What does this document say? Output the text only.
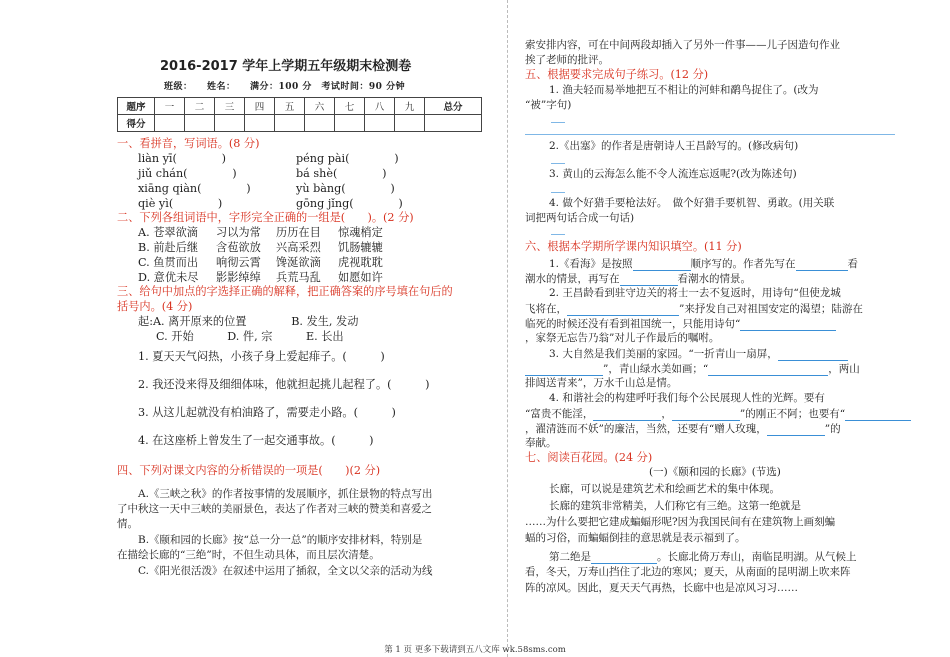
2016-2017 学年上学期五年级期末检测卷
班级：　　姓名：　　满分：100 分　考试时间：90 分钟
题序	一	二	三	四	五	六	七	八	九	总分
得分										
一、看拼音，写词语。(8 分)
liàn yī(　　　　)	péng pài(　　　　)
jiǔ chán(　　　　)	bá shè(　　　　)
xiāng qiàn(　　　　)	yù bàng(　　　　)
qiè yì(　　　　)	gōng jǐng(　　　　)
二、下列各组词语中，字形完全正确的一组是(　　)。(2 分)
A. 苍翠欲滴 习以为常 历历在目 惊魂梢定
B. 前赴后继 含苞欲放 兴高采烈 饥肠辘辘
C. 鱼贯而出 响彻云霄 馋涎欲滴 虎视耽耽
D. 意优未尽 影影绰绰 兵荒马乱 如愿如许
三、给句中加点的字选择正确的解释，把正确答案的序号填在句后的
括号内。(4 分)
起:A. 离开原来的位置　　　　B. 发生, 发动
C. 开始　　　D. 件, 宗　　　E. 长出
1. 夏天天气闷热，小孩子身上爱起痱子。(　　　)
2. 我还没来得及细细体味，他就担起挑儿起程了。(　　　)
3. 从这儿起就没有柏油路了，需要走小路。(　　　)
4. 在这座桥上曾发生了一起交通事故。(　　　)
四、下列对课文内容的分析错误的一项是(　　)(2 分)
A.《三峡之秋》的作者按事情的发展顺序，抓住景物的特点写出
了中秋这一天中三峡的美丽景色，表达了作者对三峡的赞美和喜爱之
情。
B.《颐和园的长廊》按“总一分一总”的顺序安排材料，特别是
在描绘长廊的“三绝”时，不但生动具体，而且层次清楚。
C.《阳光很活泼》在叙述中运用了插叙，全文以父亲的活动为线
索安排内容，可在中间两段却插入了另外一件事——儿子因造句作业
挨了老师的批评。
五、根据要求完成句子练习。(12 分)
1. 渔夫轻而易举地把互不相让的河蚌和鹬鸟捉住了。(改为
“被”字句)
2.《出塞》的作者是唐朝诗人王昌龄写的。(修改病句)
3. 黄山的云海怎么能不令人流连忘返呢?(改为陈述句)
4. 做个好猎手要枪法好。　做个好猎手要机智、勇敢。(用关联
词把两句话合成一句话)
六、根据本学期所学课内知识填空。(11 分)
1.《看海》是按照	顺序写的。作者先写在	看
潮水的情景，再写在	看潮水的情景。
2. 王昌龄看到驻守边关的将士一去不复返时，用诗句“但使龙城
飞将在，	”来抒发自己对祖国安定的渴望；陆游在
临死的时候还没有看到祖国统一，只能用诗句“
，家祭无忘告乃翁”对儿子作最后的嘱咐。
3. 大自然是我们美丽的家园。“一折青山一扇屏，
”，青山绿水美如画；“	，两山
排闼送青来”，万水千山总是情。
4. 和谐社会的构建呼吁我们每个公民展现人性的光辉。要有
“富贵不能淫，	，	”的刚正不阿；也要有“
，濯清涟而不妖”的廉洁，当然，还要有“赠人玫瑰，	”的
奉献。
七、阅读百花园。(24 分)
(一)《颐和园的长廊》(节选)
长廊，可以说是建筑艺术和绘画艺术的集中体现。
长廊的建筑非常精美，人们称它有三绝。这第一绝就是
……为什么要把它建成蝙蝠形呢?因为我国民间有在建筑物上画刻蝙
蝠的习俗，而蝙蝠倒挂的意思就是表示福到了。
第二绝是	。长廊北倚万寿山，南临昆明湖。从气候上
看，冬天，万寿山挡住了北边的寒风；夏天，从南面的昆明湖上吹来阵
阵的凉风。因此，夏天天气再热，长廊中也是凉风习习……
第 1 页 更多下载请到五八文库 wk.58sms.com
